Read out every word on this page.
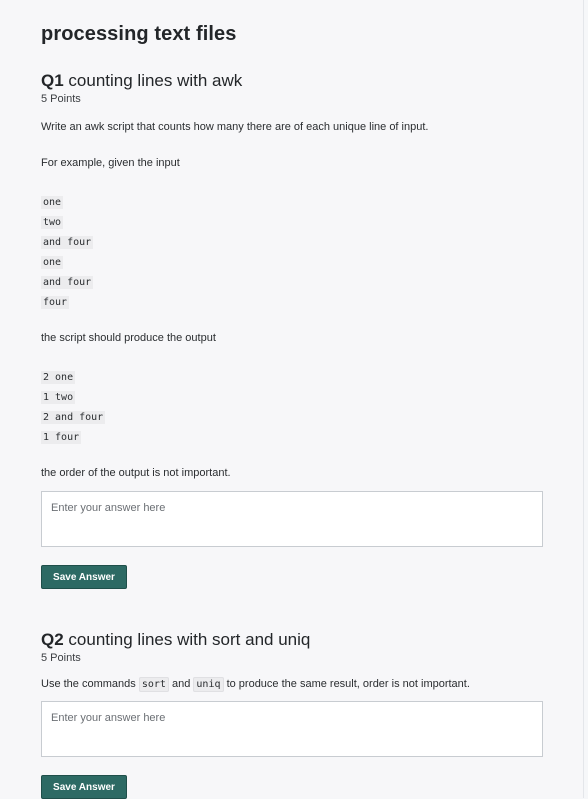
processing text files
Q1 counting lines with awk
5 Points

Write an awk script that counts how many there are of each unique line of input.

For example, given the input

one
two
and four
one
and four
four

the script should produce the output

2 one
1 two
2 and four
1 four

the order of the output is not important.

Enter your answer here
Save Answer
Q2 counting lines with sort and uniq
5 Points

Use the commands sort and uniq to produce the same result, order is not important.

Enter your answer here
Save Answer
